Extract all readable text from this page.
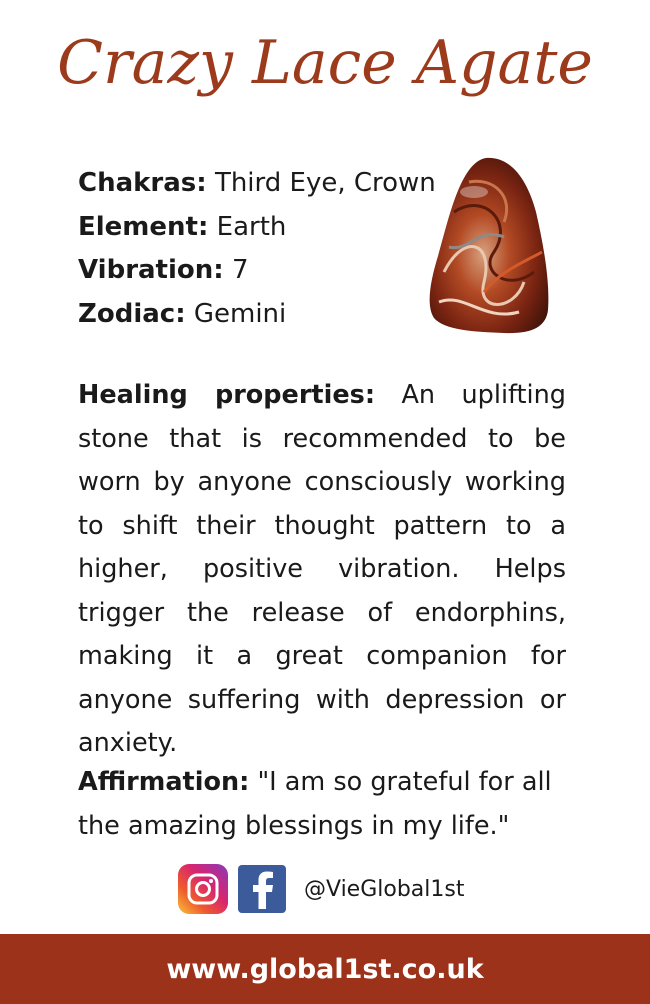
Crazy Lace Agate
Chakras: Third Eye, Crown
Element: Earth
Vibration: 7
Zodiac: Gemini
Healing properties: An uplifting stone that is recommended to be worn by anyone consciously working to shift their thought pattern to a higher, positive vibration. Helps trigger the release of endorphins, making it a great companion for anyone suffering with depression or anxiety.
Affirmation: "I am so grateful for all
the amazing blessings in my life."
@VieGlobal1st
www.global1st.co.uk
